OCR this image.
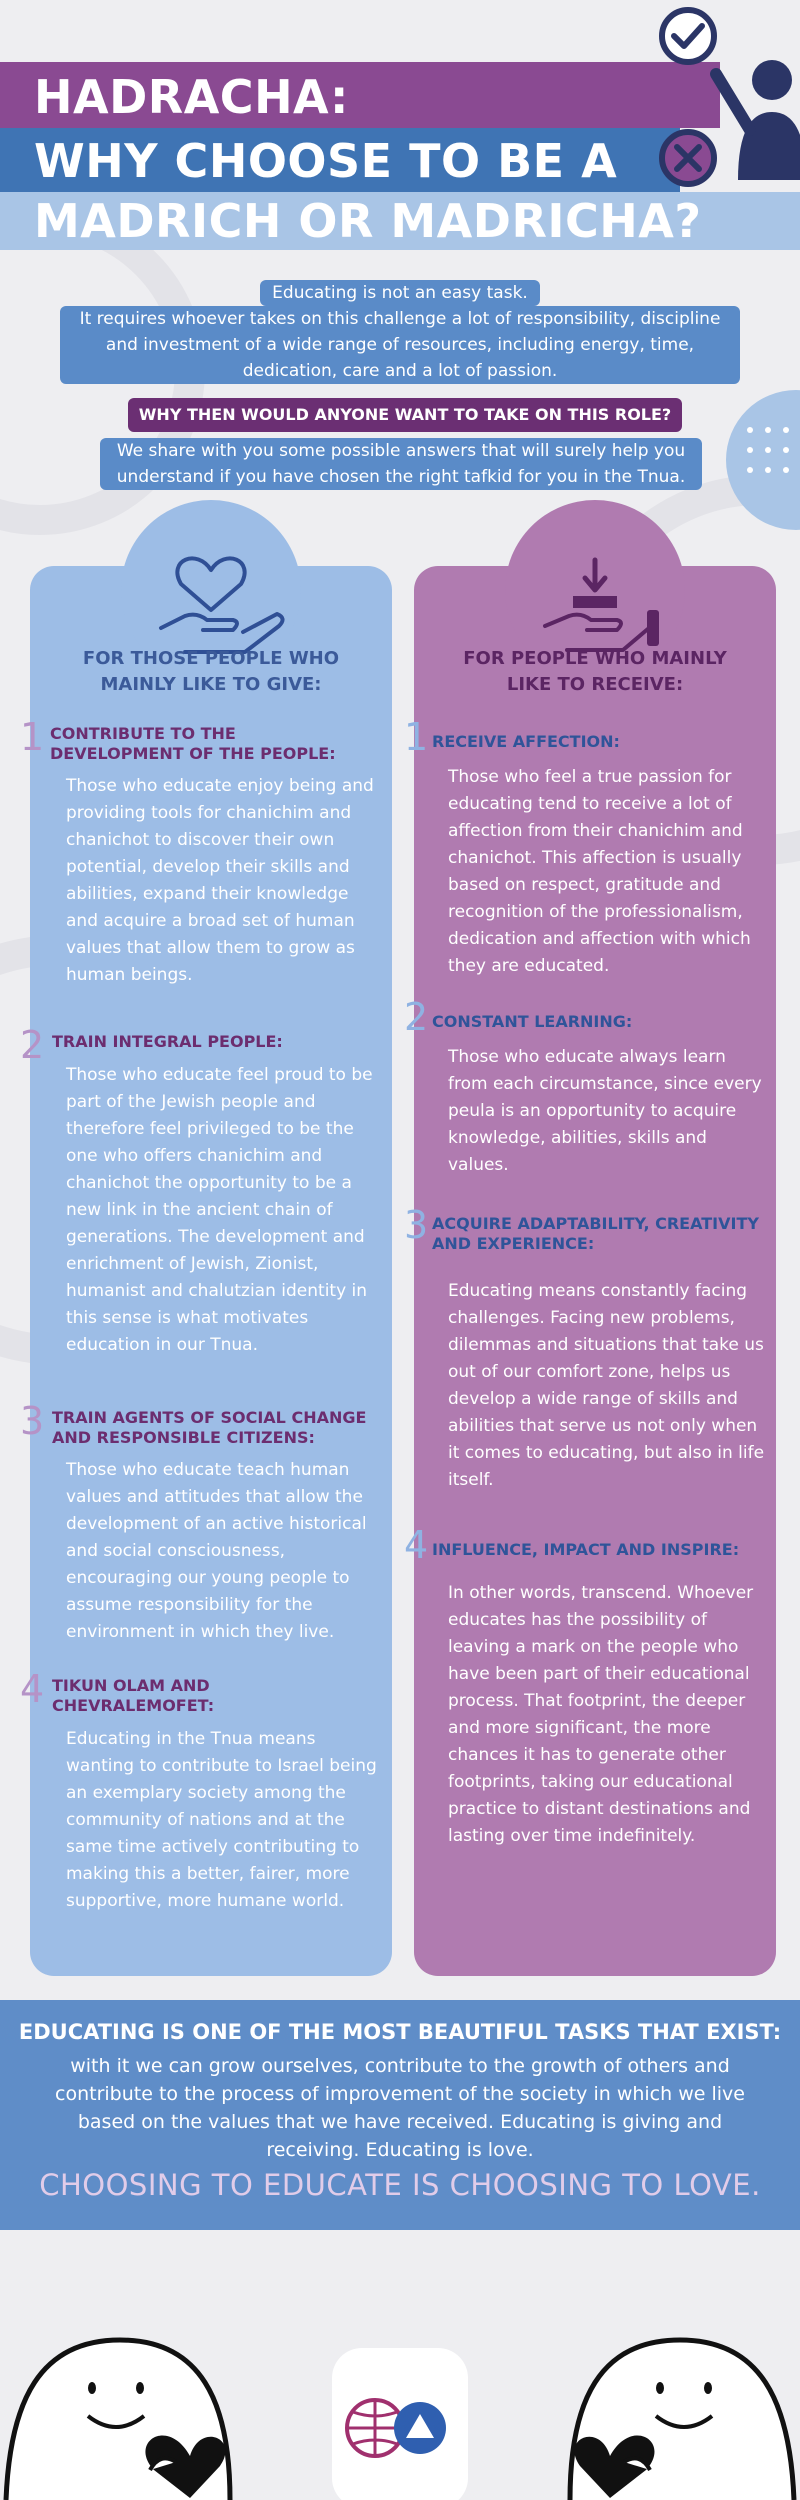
HADRACHA:
WHY CHOOSE TO BE A
MADRICH OR MADRICHA?
Educating is not an easy task.
It requires whoever takes on this challenge a lot of responsibility, discipline and investment of a wide range of resources, including energy, time, dedication, care and a lot of passion.
WHY THEN WOULD ANYONE WANT TO TAKE ON THIS ROLE?
We share with you some possible answers that will surely help you understand if you have chosen the right tafkid for you in the Tnua.
FOR THOSE PEOPLE WHO MAINLY LIKE TO GIVE:
1 CONTRIBUTE TO THE DEVELOPMENT OF THE PEOPLE:
Those who educate enjoy being and providing tools for chanichim and chanichot to discover their own potential, develop their skills and abilities, expand their knowledge and acquire a broad set of human values that allow them to grow as human beings.
2 TRAIN INTEGRAL PEOPLE:
Those who educate feel proud to be part of the Jewish people and therefore feel privileged to be the one who offers chanichim and chanichot the opportunity to be a new link in the ancient chain of generations. The development and enrichment of Jewish, Zionist, humanist and chalutzian identity in this sense is what motivates education in our Tnua.
3 TRAIN AGENTS OF SOCIAL CHANGE AND RESPONSIBLE CITIZENS:
Those who educate teach human values and attitudes that allow the development of an active historical and social consciousness, encouraging our young people to assume responsibility for the environment in which they live.
4 TIKUN OLAM AND CHEVRALEMOFET:
Educating in the Tnua means wanting to contribute to Israel being an exemplary society among the community of nations and at the same time actively contributing to making this a better, fairer, more supportive, more humane world.
FOR PEOPLE WHO MAINLY LIKE TO RECEIVE:
1 RECEIVE AFFECTION:
Those who feel a true passion for educating tend to receive a lot of affection from their chanichim and chanichot. This affection is usually based on respect, gratitude and recognition of the professionalism, dedication and affection with which they are educated.
2 CONSTANT LEARNING:
Those who educate always learn from each circumstance, since every peula is an opportunity to acquire knowledge, abilities, skills and values.
3 ACQUIRE ADAPTABILITY, CREATIVITY AND EXPERIENCE:
Educating means constantly facing challenges. Facing new problems, dilemmas and situations that take us out of our comfort zone, helps us develop a wide range of skills and abilities that serve us not only when it comes to educating, but also in life itself.
4 INFLUENCE, IMPACT AND INSPIRE:
In other words, transcend. Whoever educates has the possibility of leaving a mark on the people who have been part of their educational process. That footprint, the deeper and more significant, the more chances it has to generate other footprints, taking our educational practice to distant destinations and lasting over time indefinitely.
EDUCATING IS ONE OF THE MOST BEAUTIFUL TASKS THAT EXIST:
with it we can grow ourselves, contribute to the growth of others and contribute to the process of improvement of the society in which we live based on the values that we have received. Educating is giving and receiving. Educating is love.
CHOOSING TO EDUCATE IS CHOOSING TO LOVE.
